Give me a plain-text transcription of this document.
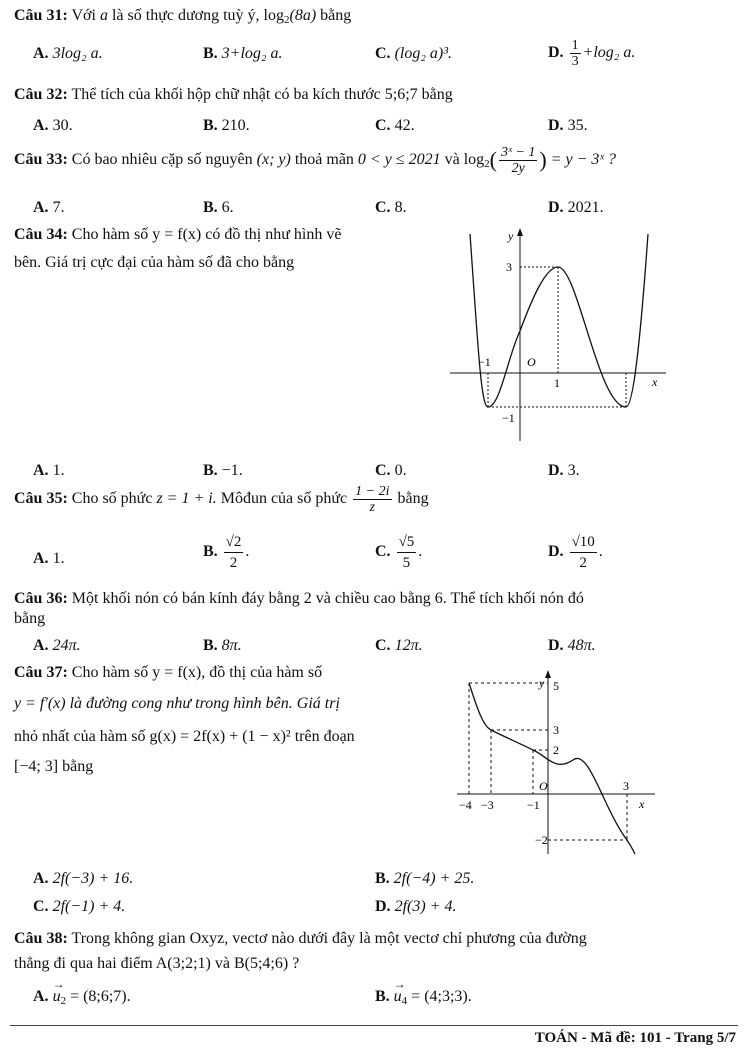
Câu 31: Với a là số thực dương tuỳ ý, $\log_2(8a)$ bằng
A. 3log₂ a.	B. 3+log₂ a.	C. (log₂ a)³.	D. $\frac{1}{3} +\log_2$ a.
Câu 32: Thể tích của khối hộp chữ nhật có ba kích thước 5;6;7 bằng
A. 30.	B. 210.	C. 42.	D. 35.
Câu 33: Có bao nhiêu cặp số nguyên (x; y) thoả mãn 0 < y ≤ 2021 và $\log_2( \frac{\text{3ˣ − 1}}{2y}$ ) = y − 3ˣ ?
A. 7.	B. 6.	C. 8.	D. 2021.
Câu 34: Cho hàm số y = f(x) có đồ thị như hình vẽ
bên. Giá trị cực đại của hàm số đã cho bằng
y
x
3
−1	O
1
−1
A. 1.	B. −1.	C. 0.	D. 3.
Câu 35: Cho số phức z = 1 + i. Môđun của số phức $\frac{1 - 2i}{z}$ bằng
A. 1.	B. $\frac{√2}{2}$ .	C. $\frac{√5}{5}$ .	D. $\frac{√10}{2}$ .
Câu 36: Một khối nón có bán kính đáy bằng 2 và chiều cao bằng 6. Thể tích khối nón đó
bằng
A. 24π.	B. 8π.	C. 12π.	D. 48π.
Câu 37: Cho hàm số y = f(x), đồ thị của hàm số
y = f′(x) là đường cong như trong hình bên. Giá trị
nhỏ nhất của hàm số g(x) = 2f(x) + (1 − x)² trên đoạn
[−4; 3] bằng
y
x
5
3
2
O	3
−4 −3	−1
−2
A. 2f(−3) + 16.	B. 2f(−4) + 25.
C. 2f(−1) + 4.	D. 2f(3) + 4.
Câu 38: Trong không gian Oxyz, vectơ nào dưới đây là một vectơ chỉ phương của đường
thẳng đi qua hai điểm A(3;2;1) và B(5;4;6) ?
A. → $u_2$ = (8;6;7).	B. → $u_4$ = (4;3;3).
TOÁN - Mã đề: 101 - Trang 5/7
